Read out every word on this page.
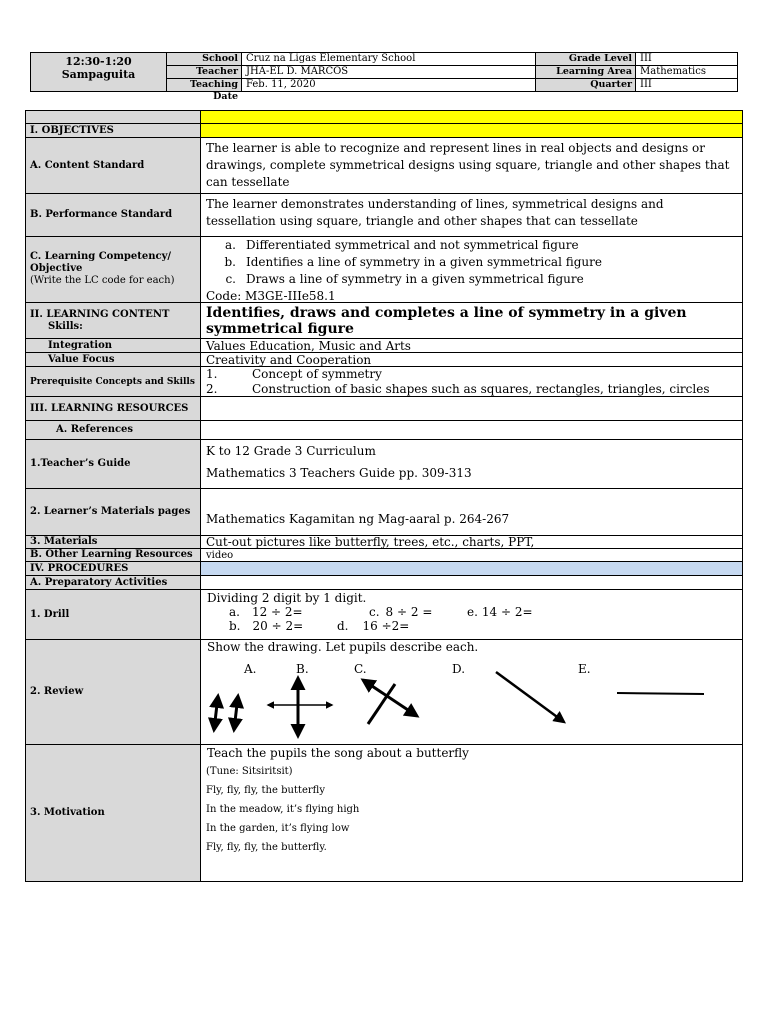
12:30-1:20
Sampaguita
School Cruz na Ligas Elementary School
Teacher JHA-EL D. MARCOS
Teaching Date
Feb. 11, 2020
Grade Level III
Learning Area Mathematics
Quarter III
I. OBJECTIVES
A. Content Standard
The learner is able to recognize and represent lines in real objects and designs or drawings, complete symmetrical designs using square, triangle and other shapes that can tessellate
B. Performance Standard
The learner demonstrates understanding of lines, symmetrical designs and tessellation using square, triangle and other shapes that can tessellate
C. Learning Competency/ Objective
(Write the LC code for each)
a. Differentiated symmetrical and not symmetrical figure
b. Identifies a line of symmetry in a given symmetrical figure
c. Draws a line of symmetry in a given symmetrical figure
Code: M3GE-IIIe58.1
II. LEARNING CONTENT
Skills:
Identifies, draws and completes a line of symmetry in a given symmetrical figure
Integration	Values Education, Music and Arts
Value Focus	Creativity and Cooperation
Prerequisite Concepts and Skills
1.	Concept of symmetry
2.	Construction of basic shapes such as squares, rectangles, triangles, circles
III. LEARNING RESOURCES
A. References
1.Teacher’s Guide
K to 12 Grade 3 Curriculum
Mathematics 3 Teachers Guide pp. 309-313
2. Learner’s Materials pages
Mathematics Kagamitan ng Mag-aaral p. 264-267
3. Materials	Cut-out pictures like butterfly, trees, etc., charts, PPT,
B. Other Learning Resources	video
IV. PROCEDURES
A. Preparatory Activities
1. Drill
Dividing 2 digit by 1 digit.
a. 12 ÷ 2=	c. 8 ÷ 2 =	e. 14 ÷ 2=
b. 20 ÷ 2=	d. 16 ÷2=
2. Review
Show the drawing. Let pupils describe each.
A.	B.	C.	D.	E.
3. Motivation
Teach the pupils the song about a butterfly
(Tune: Sitsiritsit)
Fly, fly, fly, the butterfly
In the meadow, it’s flying high
In the garden, it’s flying low
Fly, fly, fly, the butterfly.
